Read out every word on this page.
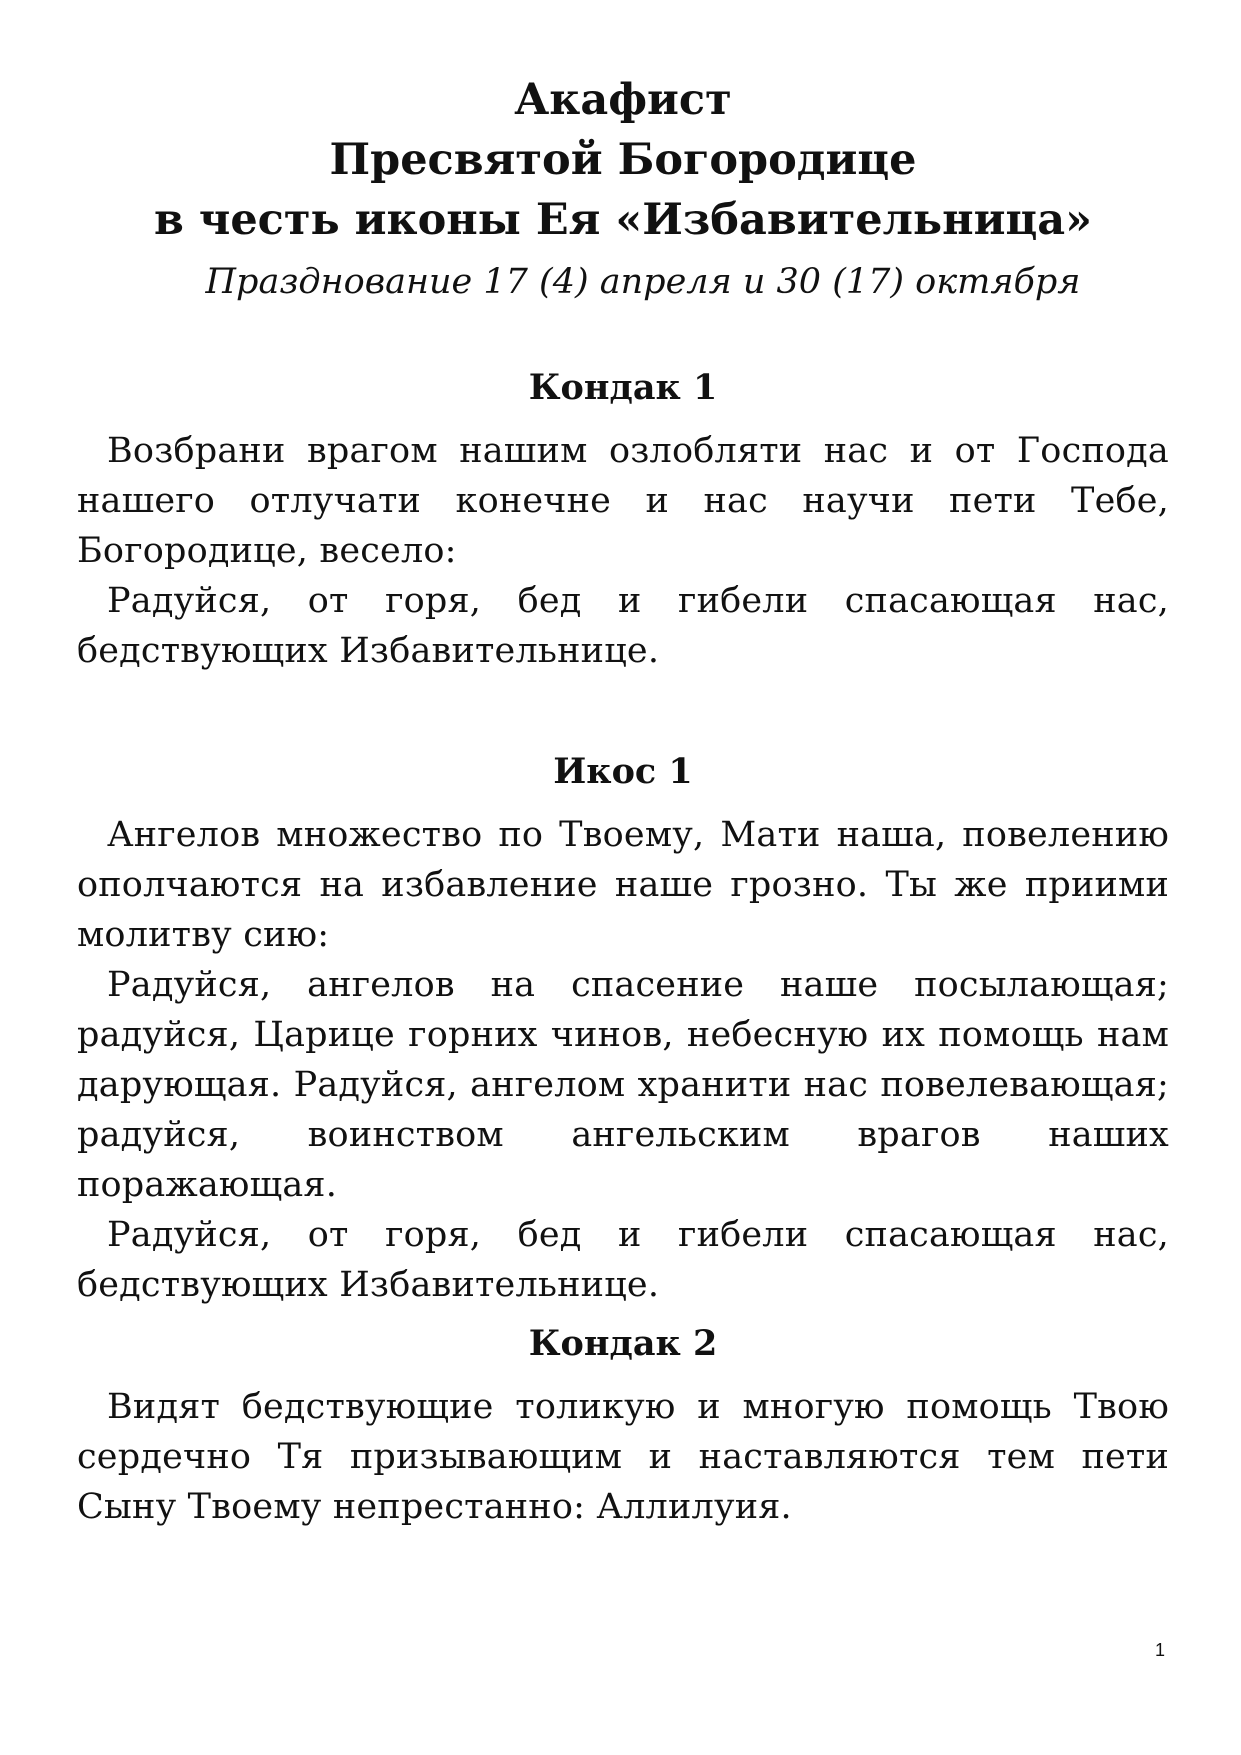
Акафист
Пресвятой Богородице
в честь иконы Ея «Избавительница»
Празднование 17 (4) апреля и 30 (17) октября
Кондак 1

Возбрани врагом нашим озлобляти нас и от Господа нашего отлучати конечне и нас научи пети Тебе, Богородице, весело:

Радуйся, от горя, бед и гибели спасающая нас, бедствующих Избавительнице.

Икос 1

Ангелов множество по Твоему, Мати наша, повелению ополчаются на избавление наше грозно. Ты же приими молитву сию:

Радуйся, ангелов на спасение наше посылающая; радуйся, Царице горних чинов, небесную их помощь нам дарующая. Радуйся, ангелом хранити нас повелевающая; радуйся, воинством ангельским врагов наших поражающая.

Радуйся, от горя, бед и гибели спасающая нас, бедствующих Избавительнице.

Кондак 2

Видят бедствующие толикую и многую помощь Твою сердечно Тя призывающим и наставляются тем пети Сыну Твоему непрестанно: Аллилуия.

1
